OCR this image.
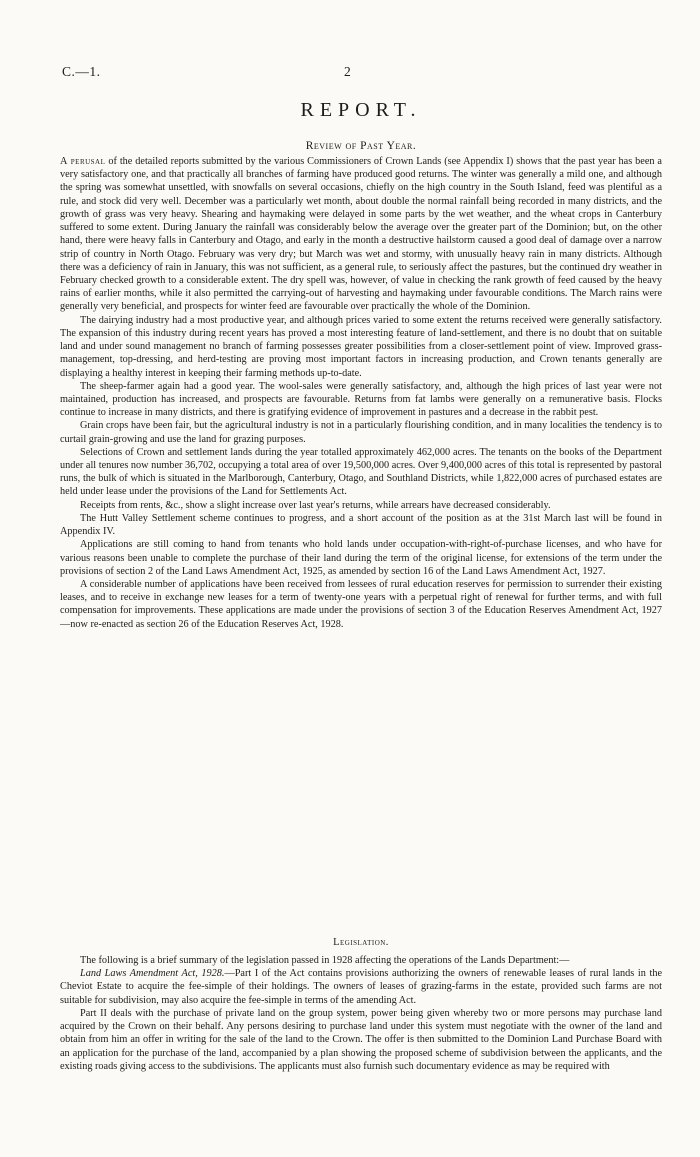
C.—1.	2
REPORT.
Review of Past Year.

A perusal of the detailed reports submitted by the various Commissioners of Crown Lands (see Appendix I) shows that the past year has been a very satisfactory one, and that practically all branches of farming have produced good returns. The winter was generally a mild one, and although the spring was somewhat unsettled, with snowfalls on several occasions, chiefly on the high country in the South Island, feed was plentiful as a rule, and stock did very well. December was a particularly wet month, about double the normal rainfall being recorded in many districts, and the growth of grass was very heavy. Shearing and haymaking were delayed in some parts by the wet weather, and the wheat crops in Canterbury suffered to some extent. During January the rainfall was considerably below the average over the greater part of the Dominion; but, on the other hand, there were heavy falls in Canterbury and Otago, and early in the month a destructive hailstorm caused a good deal of damage over a narrow strip of country in North Otago. February was very dry; but March was wet and stormy, with unusually heavy rain in many districts. Although there was a deficiency of rain in January, this was not sufficient, as a general rule, to seriously affect the pastures, but the continued dry weather in February checked growth to a considerable extent. The dry spell was, however, of value in checking the rank growth of feed caused by the heavy rains of earlier months, while it also permitted the carrying-out of harvesting and haymaking under favourable conditions. The March rains were generally very beneficial, and prospects for winter feed are favourable over practically the whole of the Dominion.

The dairying industry had a most productive year, and although prices varied to some extent the returns received were generally satisfactory. The expansion of this industry during recent years has proved a most interesting feature of land-settlement, and there is no doubt that on suitable land and under sound management no branch of farming possesses greater possibilities from a closer-settlement point of view. Improved grass-management, top-dressing, and herd-testing are proving most important factors in increasing production, and Crown tenants generally are displaying a healthy interest in keeping their farming methods up-to-date.

The sheep-farmer again had a good year. The wool-sales were generally satisfactory, and, although the high prices of last year were not maintained, production has increased, and prospects are favourable. Returns from fat lambs were generally on a remunerative basis. Flocks continue to increase in many districts, and there is gratifying evidence of improvement in pastures and a decrease in the rabbit pest.

Grain crops have been fair, but the agricultural industry is not in a particularly flourishing condition, and in many localities the tendency is to curtail grain-growing and use the land for grazing purposes.

Selections of Crown and settlement lands during the year totalled approximately 462,000 acres. The tenants on the books of the Department under all tenures now number 36,702, occupying a total area of over 19,500,000 acres. Over 9,400,000 acres of this total is represented by pastoral runs, the bulk of which is situated in the Marlborough, Canterbury, Otago, and Southland Districts, while 1,822,000 acres of purchased estates are held under lease under the provisions of the Land for Settlements Act.

Receipts from rents, &c., show a slight increase over last year's returns, while arrears have decreased considerably.

The Hutt Valley Settlement scheme continues to progress, and a short account of the position as at the 31st March last will be found in Appendix IV.

Applications are still coming to hand from tenants who hold lands under occupation-with-right-of-purchase licenses, and who have for various reasons been unable to complete the purchase of their land during the term of the original license, for extensions of the term under the provisions of section 2 of the Land Laws Amendment Act, 1925, as amended by section 16 of the Land Laws Amendment Act, 1927.

A considerable number of applications have been received from lessees of rural education reserves for permission to surrender their existing leases, and to receive in exchange new leases for a term of twenty-one years with a perpetual right of renewal for further terms, and with full compensation for improvements. These applications are made under the provisions of section 3 of the Education Reserves Amendment Act, 1927—now re-enacted as section 26 of the Education Reserves Act, 1928.

Legislation.

The following is a brief summary of the legislation passed in 1928 affecting the operations of the Lands Department:—

Land Laws Amendment Act, 1928.—Part I of the Act contains provisions authorizing the owners of renewable leases of rural lands in the Cheviot Estate to acquire the fee-simple of their holdings. The owners of leases of grazing-farms in the estate, provided such farms are not suitable for subdivision, may also acquire the fee-simple in terms of the amending Act.

Part II deals with the purchase of private land on the group system, power being given whereby two or more persons may purchase land acquired by the Crown on their behalf. Any persons desiring to purchase land under this system must negotiate with the owner of the land and obtain from him an offer in writing for the sale of the land to the Crown. The offer is then submitted to the Dominion Land Purchase Board with an application for the purchase of the land, accompanied by a plan showing the proposed scheme of subdivision between the applicants, and the existing roads giving access to the subdivisions. The applicants must also furnish such documentary evidence as may be required with
